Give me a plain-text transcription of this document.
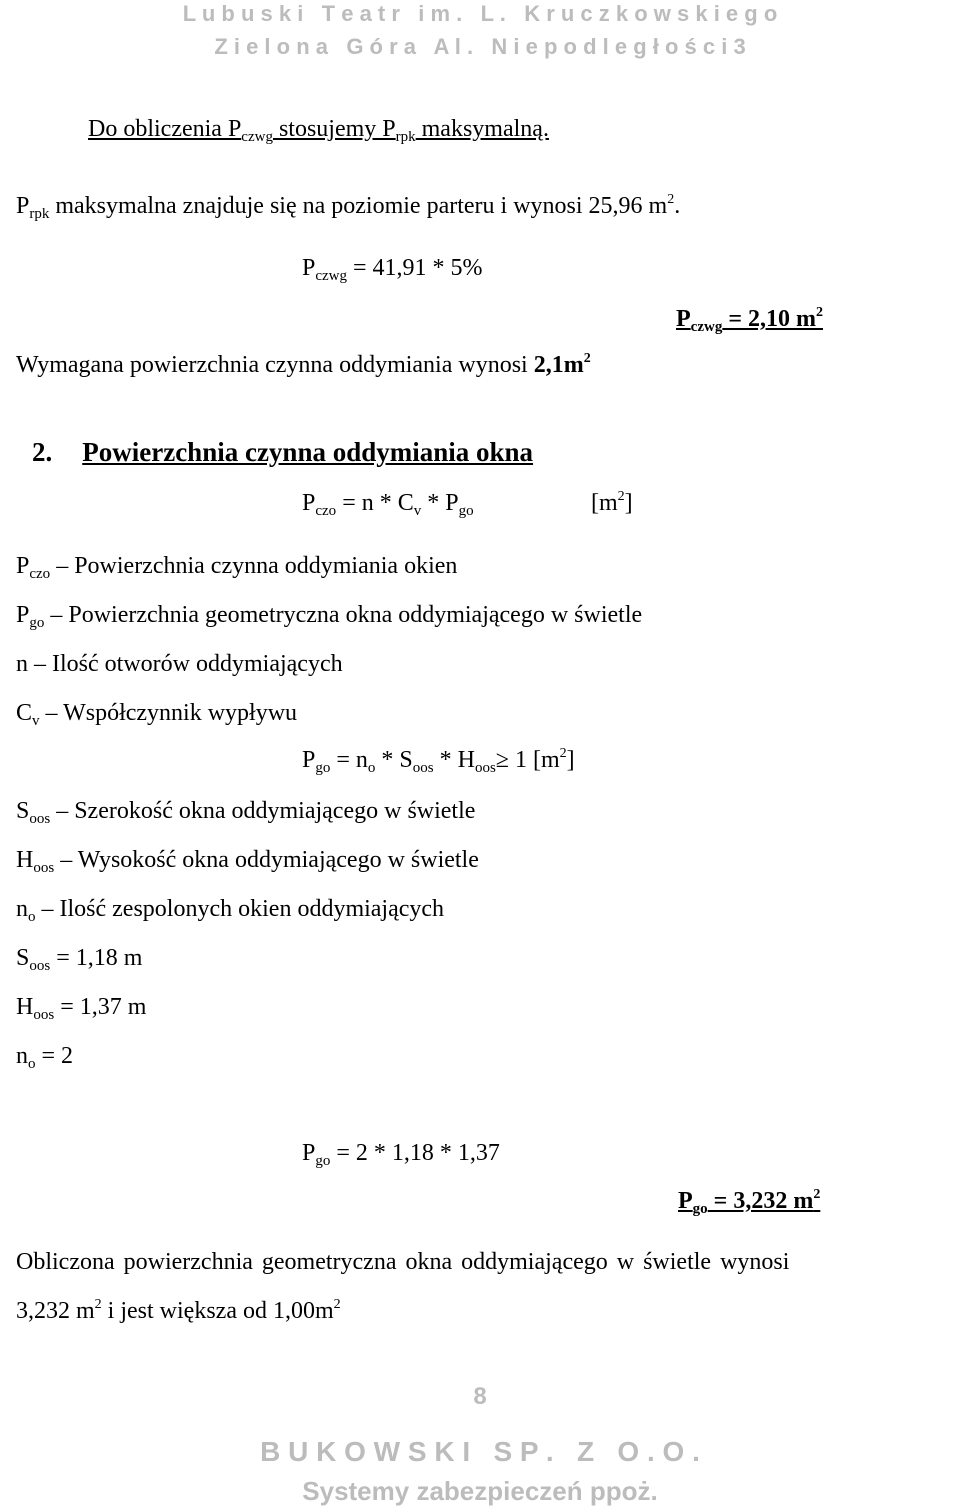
L u b u s k i   T e a t r   i m .   L .   K r u c z k o w s k i e g o
Z i e l o n a   G ó r a   A l .   N i e p o d l e g ł o ś c i 3
Do obliczenia $P_{czwg}$ stosujemy $P_{rpk}$ maksymalną.
$P_{rpk}$ maksymalna znajduje się na poziomie parteru i wynosi 25,96 $m^2$.
$P_{czwg} = 41,91 * 5\%$
$P_{czwg} = 2,10$ $m^2$
Wymagana powierzchnia czynna oddymiania wynosi $2,1m^2$
2. Powierzchnia czynna oddymiania okna
$P_{czo} = n * C_v * P_{go}$	$[m^2]$
$P_{czo}$ – Powierzchnia czynna oddymiania okien
$P_{go}$ – Powierzchnia geometryczna okna oddymiającego w świetle
n – Ilość otworów oddymiających
$C_v$ – Współczynnik wypływu
$P_{go} = n_o * S_{oos} * H_{oos}\ge 1$ $[m^2]$
$S_{oos}$ – Szerokość okna oddymiającego w świetle
$H_{oos}$ – Wysokość okna oddymiającego w świetle
$n_o$ – Ilość zespolonych okien oddymiających
$S_{oos} = 1,18$ m
$H_{oos} = 1,37$ m
$n_o = 2$
$P_{go} = 2 * 1,18 * 1,37$
$P_{go} = 3,232$ $m^2$
Obliczona powierzchnia geometryczna okna oddymiającego w świetle wynosi
3,232 $m^2$ i jest większa od $1,00m^2$
8
B U K O W S K I   S P .   Z   O . O .
Systemy zabezpieczeń ppoż.
